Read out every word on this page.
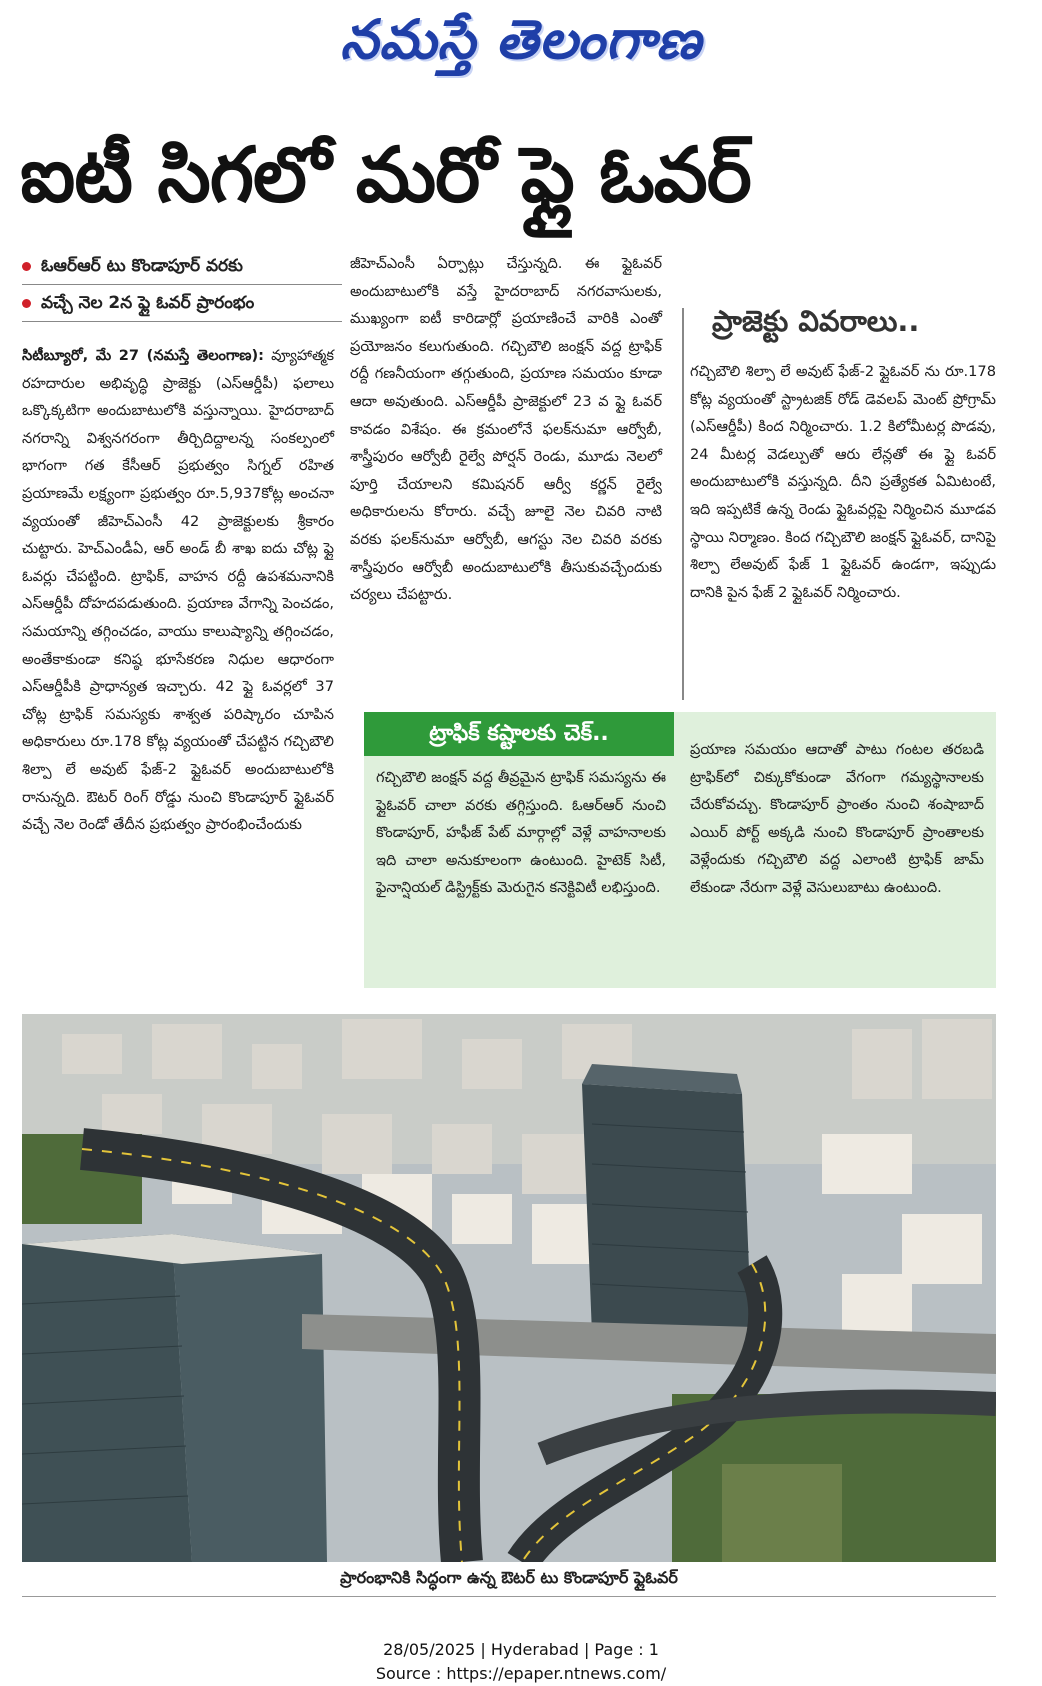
నమస్తే తెలంగాణ
ఐటీ సిగలో మరో ఫ్లై ఓవర్
ఓఆర్ఆర్ టు కొండాపూర్ వరకు
వచ్చే నెల 2న ఫ్లై ఓవర్ ప్రారంభం

సిటీబ్యూరో, మే 27 (నమస్తే తెలంగాణ): వ్యూహాత్మక రహదారుల అభివృద్ధి ప్రాజెక్టు (ఎస్ఆర్డీపీ) ఫలాలు ఒక్కొక్కటిగా అందుబాటులోకి వస్తున్నాయి. హైదరాబాద్ నగరాన్ని విశ్వనగరంగా తీర్చిదిద్దాలన్న సంకల్పంలో భాగంగా గత కేసీఆర్ ప్రభుత్వం సిగ్నల్ రహిత ప్రయాణమే లక్ష్యంగా ప్రభుత్వం రూ.5,937కోట్ల అంచనా వ్యయంతో జీహెచ్ఎంసీ 42 ప్రాజెక్టులకు శ్రీకారం చుట్టారు. హెచ్ఎండీఏ, ఆర్ అండ్ బీ శాఖ ఐదు చోట్ల ఫ్లై ఓవర్లు చేపట్టింది. ట్రాఫిక్, వాహన రద్దీ ఉపశమనానికి ఎస్ఆర్డీపీ దోహదపడుతుంది. ప్రయాణ వేగాన్ని పెంచడం, సమయాన్ని తగ్గించడం, వాయు కాలుష్యాన్ని తగ్గించడం, అంతేకాకుండా కనిష్ఠ భూసేకరణ నిధుల ఆధారంగా ఎస్ఆర్డీపీకి ప్రాధాన్యత ఇచ్చారు. 42 ఫ్లై ఓవర్లలో 37 చోట్ల ట్రాఫిక్ సమస్యకు శాశ్వత పరిష్కారం చూపిన అధికారులు రూ.178 కోట్ల వ్యయంతో చేపట్టిన గచ్చిబౌలి శిల్పా లే అవుట్ ఫేజ్-2 ఫ్లైఓవర్ అందుబాటులోకి రానున్నది. ఔటర్ రింగ్ రోడ్డు నుంచి కొండాపూర్ ఫ్లైఓవర్ వచ్చే నెల రెండో తేదీన ప్రభుత్వం ప్రారంభించేందుకు

జీహెచ్ఎంసీ ఏర్పాట్లు చేస్తున్నది. ఈ ఫ్లైఓవర్ అందుబాటులోకి వస్తే హైదరాబాద్ నగరవాసులకు, ముఖ్యంగా ఐటీ కారిడార్లో ప్రయాణించే వారికి ఎంతో ప్రయోజనం కలుగుతుంది. గచ్చిబౌలి జంక్షన్ వద్ద ట్రాఫిక్ రద్దీ గణనీయంగా తగ్గుతుంది, ప్రయాణ సమయం కూడా ఆదా అవుతుంది. ఎస్ఆర్డీపీ ప్రాజెక్టులో 23 వ ఫ్లై ఓవర్ కావడం విశేషం. ఈ క్రమంలోనే ఫలక్‌నుమా ఆర్వోబీ, శాస్త్రీపురం ఆర్వోబీ రైల్వే పోర్షన్ రెండు, మూడు నెలలో పూర్తి చేయాలని కమిషనర్ ఆర్వీ కర్ణన్ రైల్వే అధికారులను కోరారు. వచ్చే జూలై నెల చివరి నాటి వరకు ఫలక్‌నుమా ఆర్వోబీ, ఆగస్టు నెల చివరి వరకు శాస్త్రీపురం ఆర్వోబీ అందుబాటులోకి తీసుకువచ్చేందుకు చర్యలు చేపట్టారు.

ప్రాజెక్టు వివరాలు..
గచ్చిబౌలి శిల్పా లే అవుట్ ఫేజ్-2 ఫ్లైఓవర్ ను రూ.178 కోట్ల వ్యయంతో స్ట్రాటజిక్ రోడ్ డెవలప్ మెంట్ ప్రోగ్రామ్ (ఎస్ఆర్డీపీ) కింద నిర్మించారు. 1.2 కిలోమీటర్ల పొడవు, 24 మీటర్ల వెడల్పుతో ఆరు లేన్లతో ఈ ఫ్లై ఓవర్ అందుబాటులోకి వస్తున్నది. దీని ప్రత్యేకత ఏమిటంటే, ఇది ఇప్పటికే ఉన్న రెండు ఫ్లైఓవర్లపై నిర్మించిన మూడవ స్థాయి నిర్మాణం. కింద గచ్చిబౌలి జంక్షన్ ఫ్లైఓవర్, దానిపై శిల్పా లేఅవుట్ ఫేజ్ 1 ఫ్లైఓవర్ ఉండగా, ఇప్పుడు దానికి పైన ఫేజ్ 2 ఫ్లైఓవర్ నిర్మించారు.
ట్రాఫిక్ కష్టాలకు చెక్..
గచ్చిబౌలి జంక్షన్ వద్ద తీవ్రమైన ట్రాఫిక్ సమస్యను ఈ ఫ్లైఓవర్ చాలా వరకు తగ్గిస్తుంది. ఓఆర్ఆర్ నుంచి కొండాపూర్, హఫీజ్ పేట్ మార్గాల్లో వెళ్లే వాహనాలకు ఇది చాలా అనుకూలంగా ఉంటుంది. హైటెక్ సిటీ, ఫైనాన్షియల్ డిస్ట్రిక్ట్‌కు మెరుగైన కనెక్టివిటీ లభిస్తుంది.
ప్రయాణ సమయం ఆదాతో పాటు గంటల తరబడి ట్రాఫిక్‌లో చిక్కుకోకుండా వేగంగా గమ్యస్థానాలకు చేరుకోవచ్చు. కొండాపూర్ ప్రాంతం నుంచి శంషాబాద్ ఎయిర్ పోర్ట్ అక్కడి నుంచి కొండాపూర్ ప్రాంతాలకు వెళ్లేందుకు గచ్చిబౌలి వద్ద ఎలాంటి ట్రాఫిక్ జామ్ లేకుండా నేరుగా వెళ్లే వెసులుబాటు ఉంటుంది.
ప్రారంభానికి సిద్ధంగా ఉన్న ఔటర్ టు కొండాపూర్ ఫ్లైఓవర్
28/05/2025 | Hyderabad | Page : 1
Source : https://epaper.ntnews.com/
